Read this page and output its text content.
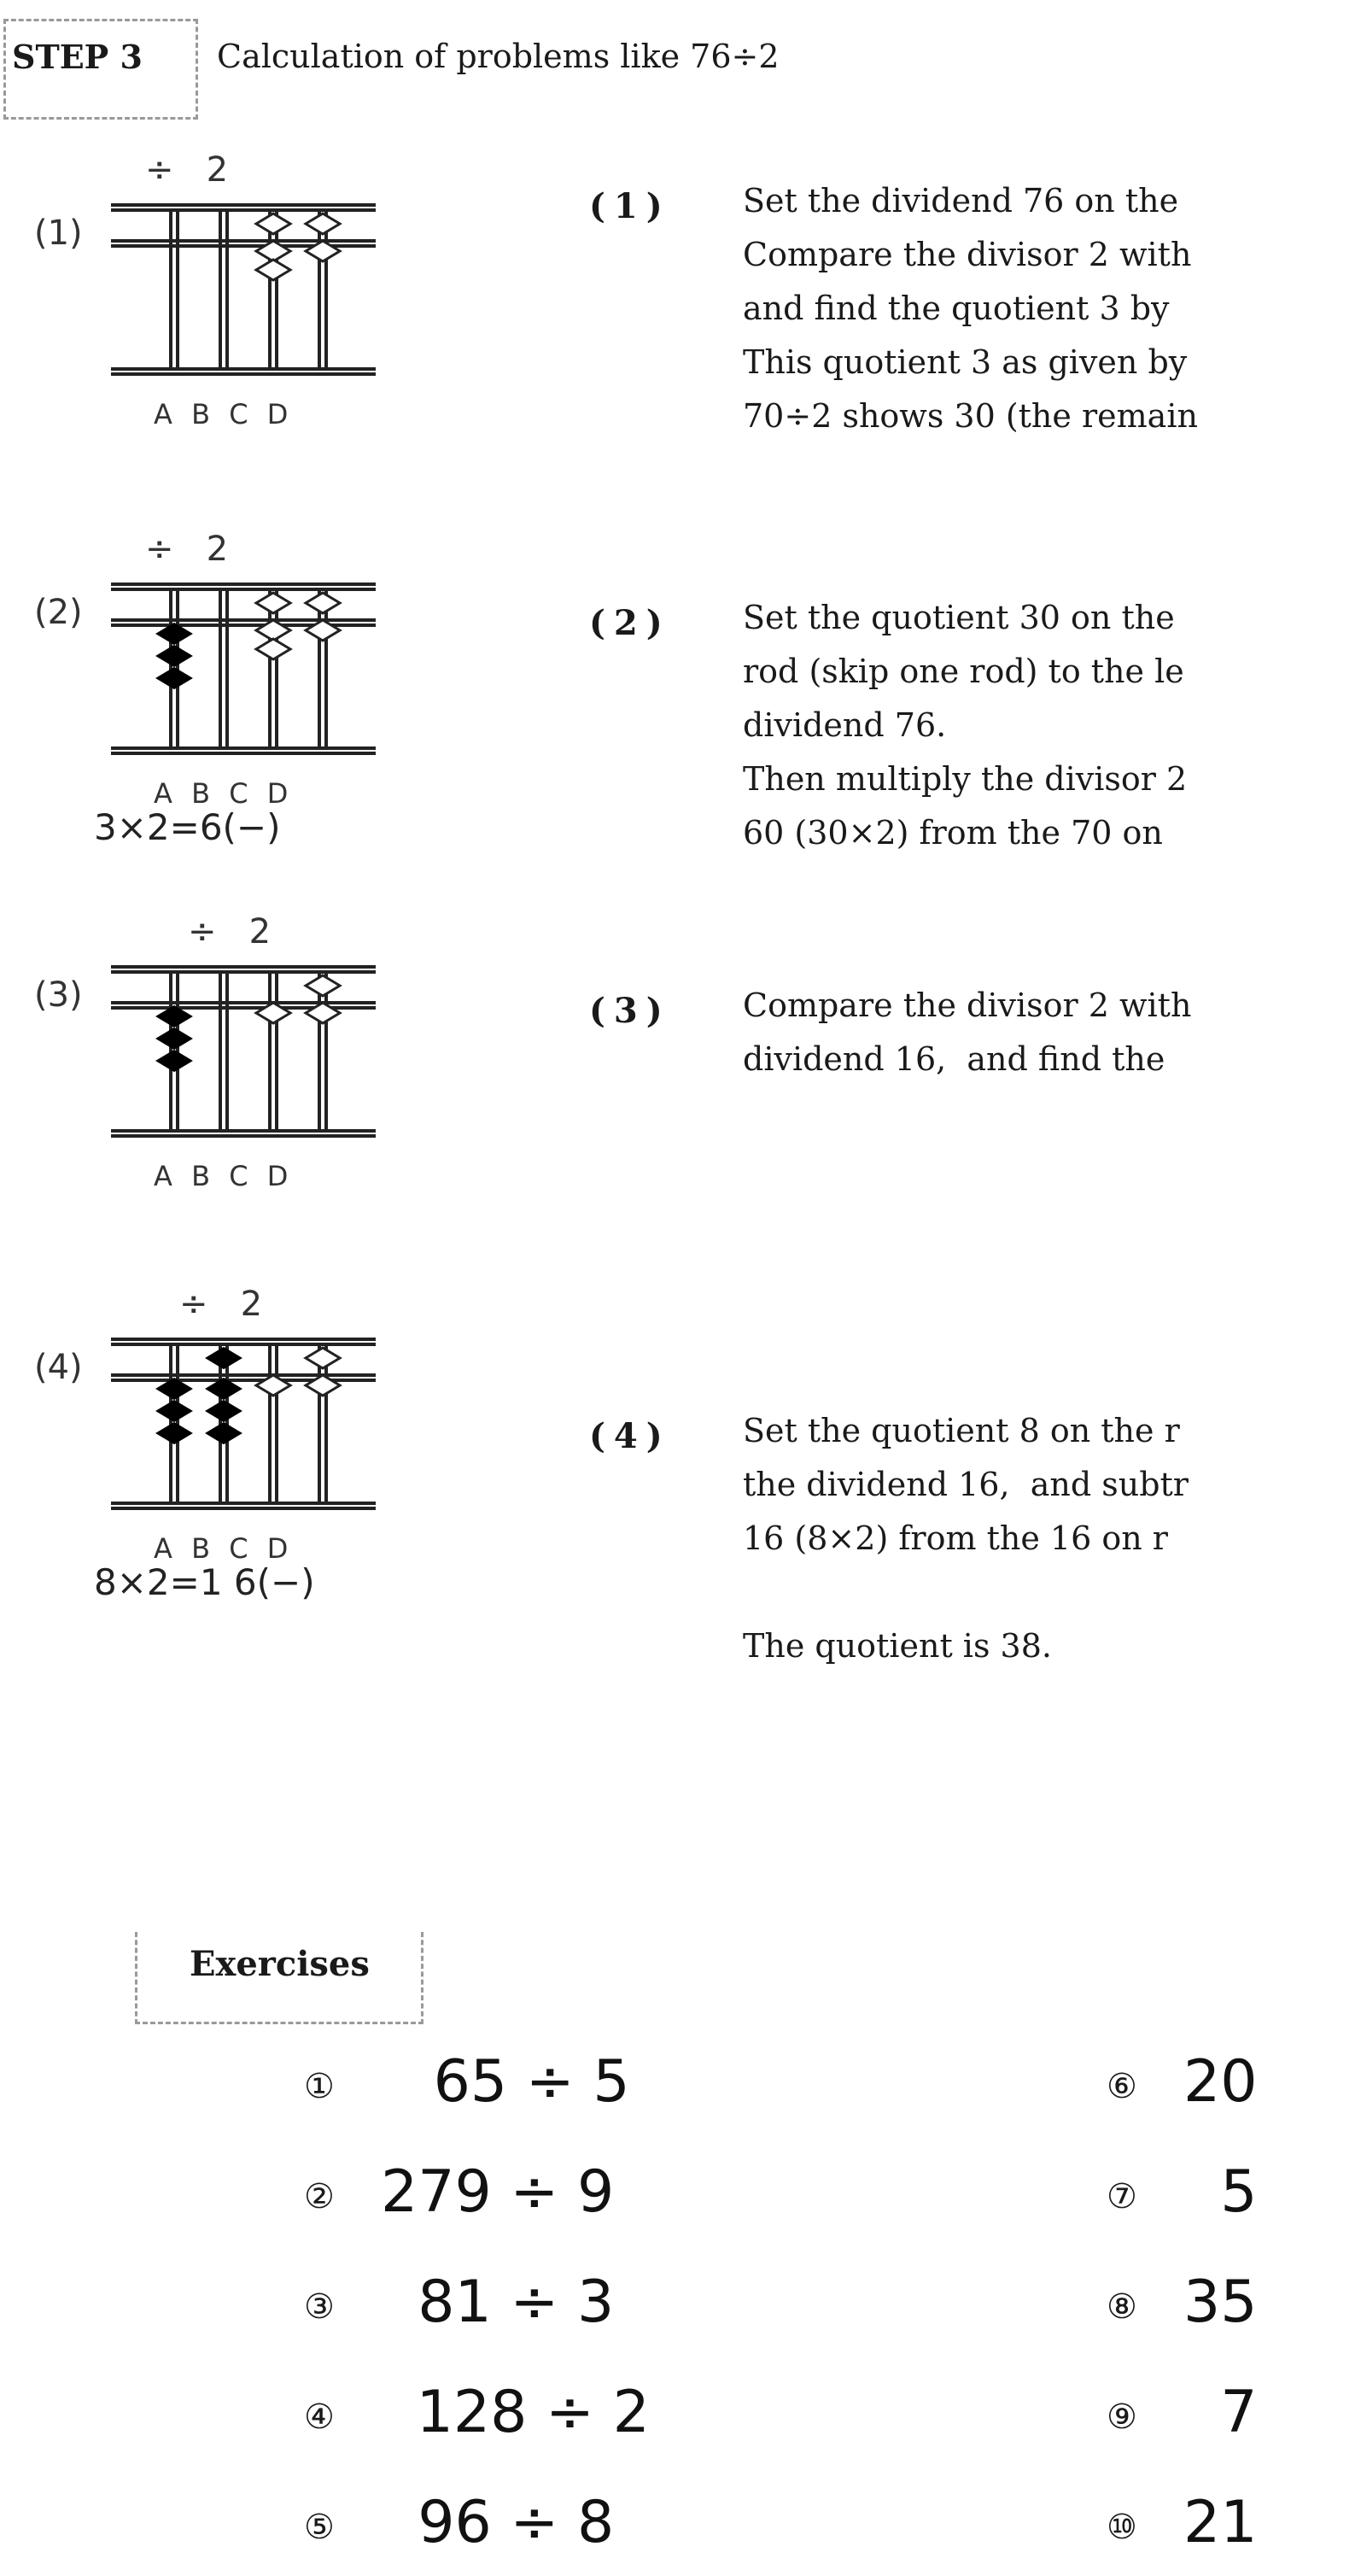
STEP 3 Calculation of problems like 76÷2
(1)
÷   2
A B C D
(2)
÷   2
A B C D
3×2=6(−)
(3)
÷   2
A B C D
(4)
÷   2
A B C D
8×2=1 6(−)
(1) Set the dividend 76 on the
Compare the divisor 2 with
and find the quotient 3 by
This quotient 3 as given by
70÷2 shows 30 (the remain
(2) Set the quotient 30 on the
rod (skip one rod) to the le
dividend 76.
Then multiply the divisor 2
60 (30×2) from the 70 on
(3) Compare the divisor 2 with
dividend 16,  and find the
(4) Set the quotient 8 on the r
the dividend 16,  and subtr
16 (8×2) from the 16 on r

The quotient is 38.
Exercises
① 65 ÷ 5
② 279 ÷ 9
③ 81 ÷ 3
④ 128 ÷ 2
⑤ 96 ÷ 8
⑥ 20
⑦ 5
⑧ 35
⑨ 7
⑩ 21
